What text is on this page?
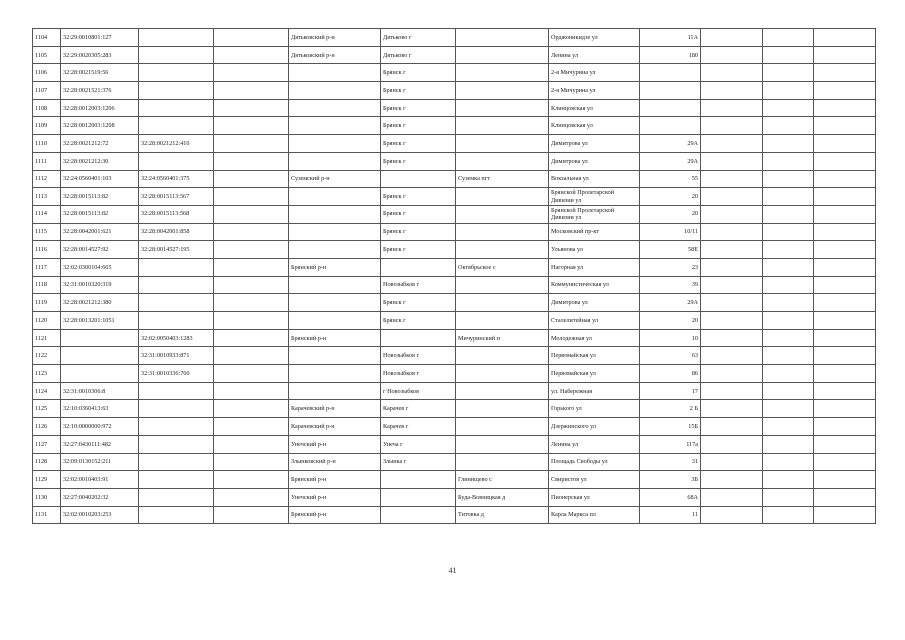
1104	32:29:0010801:127			Дятьковский р-н	Дятьково г		Орджоникидзе ул	11А			
1105	32:29:0020305:283			Дятьковский р-н	Дятьково г		Ленина ул	180			
1106	32:28:0021519:56				Брянск г		2-я Мичурина ул				
1107	32:28:0021521:376				Брянск г		2-я Мичурина ул				
1108	32:28:0012003:1206				Брянск г		Клинцовская ул				
1109	32:28:0012003:1208				Брянск г		Клинцовская ул				
1110	32:28:0021212:72	32:28:0021212:410			Брянск г		Димитрова ул	29А			
1111	32:28:0021212:30				Брянск г		Димитрова ул	29А			
1112	32:24:0560401:103	32:24:0560401:375		Суземский р-н		Суземка пгт	Вокзальная ул	55			
1113	32:28:0015113:82	32:28:0015113:567			Брянск г		Брянской Пролетарской Дивизии ул	20			
1114	32:28:0015113:82	32:28:0015113:568			Брянск г		Брянской Пролетарской Дивизии ул	20			
1115	32:28:0042001:621	32:28:0042001:858			Брянск г		Московский пр-кт	10/11			
1116	32:28:0014527:92	32:28:0014527:195			Брянск г		Ульянова ул	58Е			
1117	32:02:0300104:665			Брянский р-н		Октябрьское с	Нагорная ул	23			
1118	32:31:0010320:319				Новозыбков г		Коммунистическая ул	39			
1119	32:28:0021212:380				Брянск г		Димитрова ул	29А			
1120	32:28:0013201:1051				Брянск г		Сталелитейная ул	20			
1121		32:02:0050403:1283		Брянский р-н		Мичуринский п	Молодежная ул	10			
1122		32:31:0010933:871			Новозыбков г		Первомайская ул	63			
1123		32:31:0010336:760			Новозыбков г		Первомайская ул	86			
1124	32:31:0010306:8				г Новозыбков		ул. Набережная	17			
1125	32:10:0360413:63			Карачевский р-н	Карачев г		Горького ул	2 Б			
1126	32:10:0000000:972			Карачевский р-н	Карачев г		Дзержинского ул	15Б			
1127	32:27:0430111:482			Унечский р-н	Унеча г		Ленина ул	117а			
1128	32:09:0130152:211			Злынковский р-н	Злынка г		Площадь Свободы ул	31			
1129	32:02:0010403:91			Брянский р-н		Глинищево с	Свиристов ул	3Б			
1130	32:27:0040202:32			Унечский р-н		Буда-Вовницкая д	Пионерская ул	68А			
1131	32:02:0010203:253			Брянский р-н		Титовка д	Карла Маркса пл	11			
41
